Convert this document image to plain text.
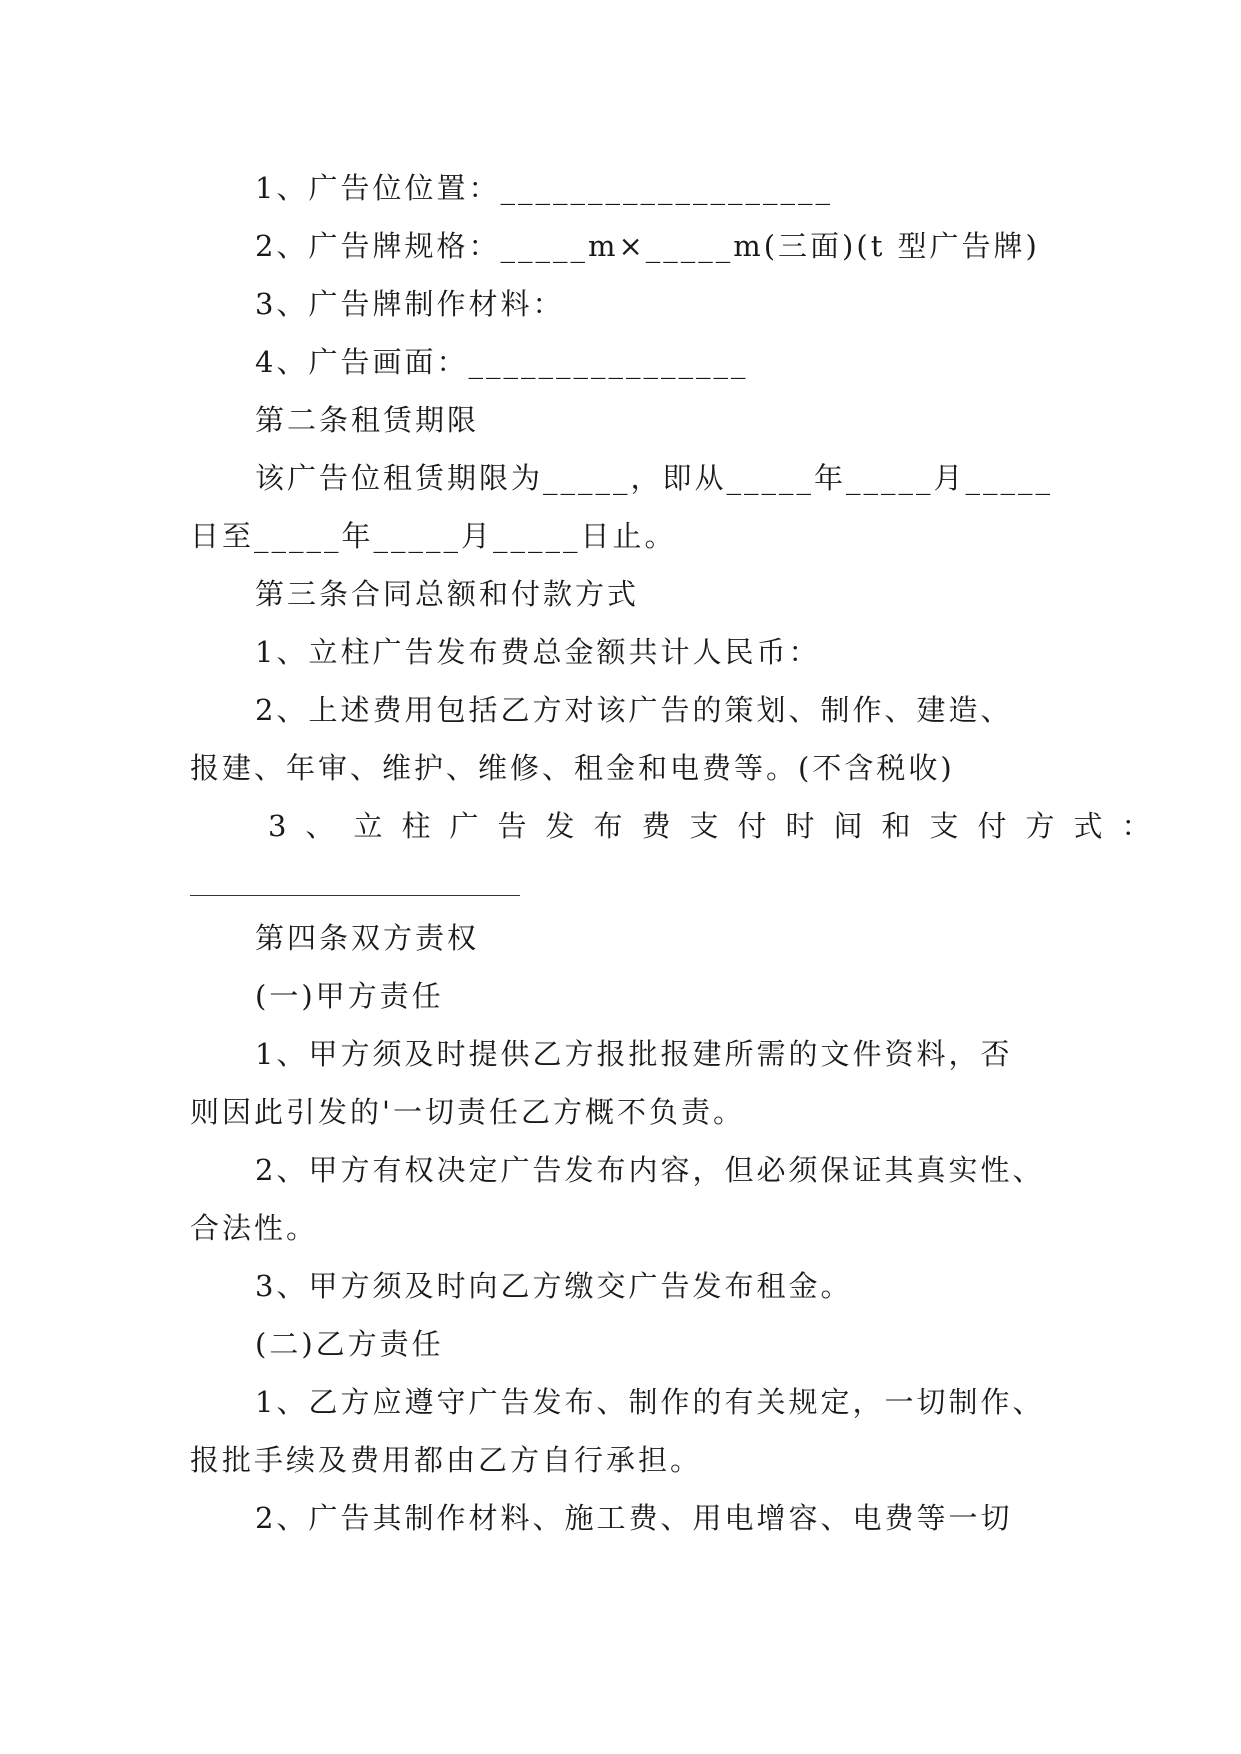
1、广告位位置：___________________
2、广告牌规格：_____m×_____m(三面)(t 型广告牌)
3、广告牌制作材料：
4、广告画面：________________
第二条租赁期限
该广告位租赁期限为_____，即从_____年_____月_____
日至_____年_____月_____日止。
第三条合同总额和付款方式
1、立柱广告发布费总金额共计人民币：
2、上述费用包括乙方对该广告的策划、制作、建造、
报建、年审、维护、维修、租金和电费等。(不含税收)
3、立柱广告发布费支付时间和支付方式：
第四条双方责权
(一)甲方责任
1、甲方须及时提供乙方报批报建所需的文件资料，否
则因此引发的'一切责任乙方概不负责。
2、甲方有权决定广告发布内容，但必须保证其真实性、
合法性。
3、甲方须及时向乙方缴交广告发布租金。
(二)乙方责任
1、乙方应遵守广告发布、制作的有关规定，一切制作、
报批手续及费用都由乙方自行承担。
2、广告其制作材料、施工费、用电增容、电费等一切
